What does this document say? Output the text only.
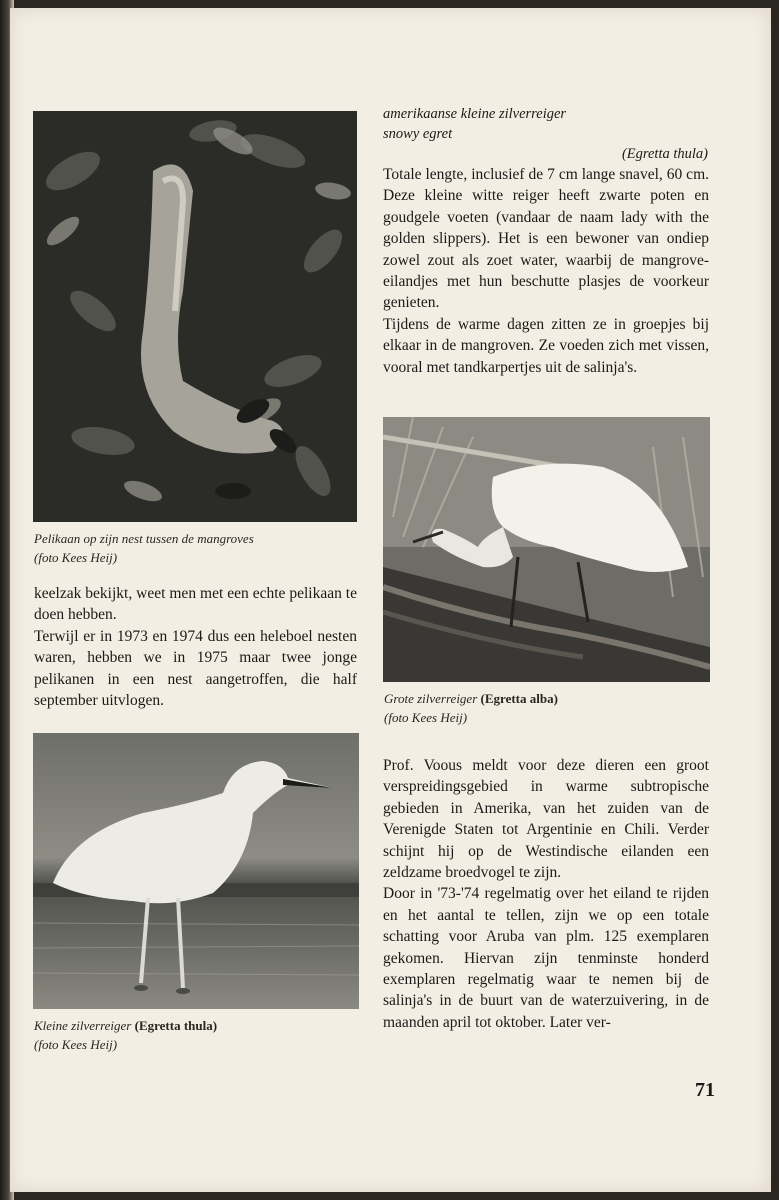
Pelikaan op zijn nest tussen de mangroves
(foto Kees Heij)

keelzak bekijkt, weet men met een echte pelikaan te doen hebben.

Terwijl er in 1973 en 1974 dus een heleboel nesten waren, hebben we in 1975 maar twee jonge pelikanen in een nest aangetroffen, die half september uitvlogen.

Kleine zilverreiger (Egretta thula)
(foto Kees Heij)
amerikaanse kleine zilverreiger
snowy egret
(Egretta thula)

Totale lengte, inclusief de 7 cm lange snavel, 60 cm. Deze kleine witte reiger heeft zwarte poten en goudgele voeten (vandaar de naam lady with the golden slippers). Het is een bewoner van ondiep zowel zout als zoet water, waarbij de mangrove-eilandjes met hun beschutte plasjes de voorkeur genieten.

Tijdens de warme dagen zitten ze in groepjes bij elkaar in de mangroven. Ze voeden zich met vissen, vooral met tandkarpertjes uit de salinja's.

Grote zilverreiger (Egretta alba)
(foto Kees Heij)

Prof. Voous meldt voor deze dieren een groot verspreidingsgebied in warme subtropische gebieden in Amerika, van het zuiden van de Verenigde Staten tot Argentinie en Chili. Verder schijnt hij op de Westindische eilanden een zeldzame broedvogel te zijn.

Door in '73-'74 regelmatig over het eiland te rijden en het aantal te tellen, zijn we op een totale schatting voor Aruba van plm. 125 exemplaren gekomen. Hiervan zijn tenminste honderd exemplaren regelmatig waar te nemen bij de salinja's in de buurt van de waterzuivering, in de maanden april tot oktober. Later ver-

71
